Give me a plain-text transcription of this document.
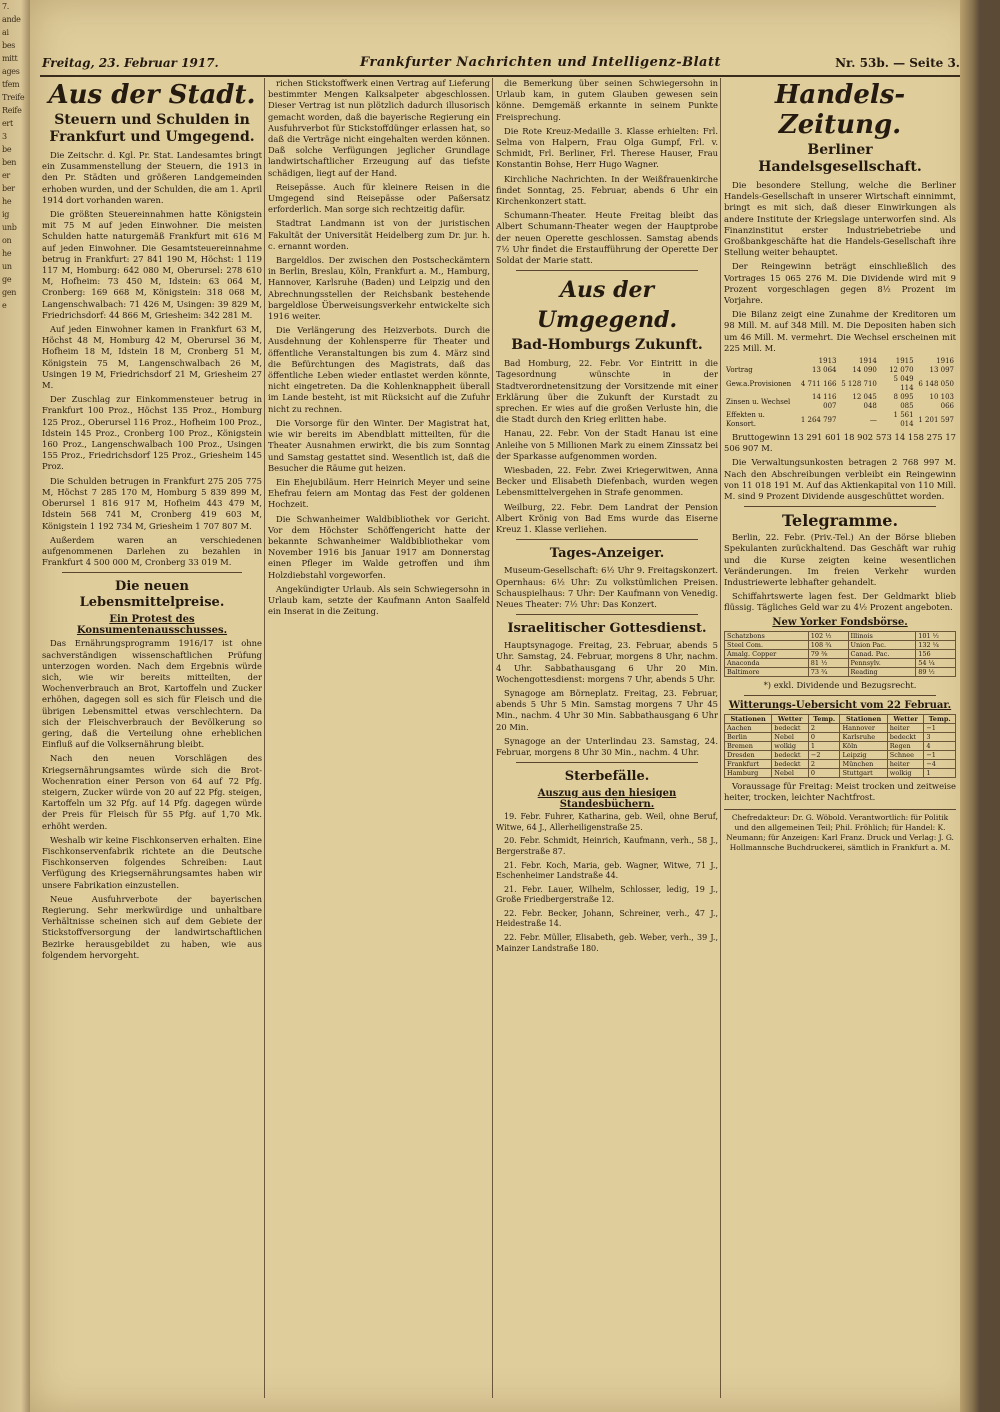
7.
ande
ai
bes
mitt
ages
tfem
Treife
Reife
ert
3
be
ben
er
ber
he
ig
unb
on
he
un
ge
gen
e
Freitag, 23. Februar 1917.	Frankfurter Nachrichten und Intelligenz-Blatt	Nr. 53b. — Seite 3.
Aus der Stadt.
Steuern und Schulden in Frankfurt und Umgegend.

Die Zeitschr. d. Kgl. Pr. Stat. Landesamtes bringt ein Zusammenstellung der Steuern, die 1913 in den Pr. Städten und größeren Landgemeinden erhoben wurden, und der Schulden, die am 1. April 1914 dort vorhanden waren.

Die größten Steuereinnahmen hatte Königstein mit 75 M auf jeden Einwohner. Die meisten Schulden hatte naturgemäß Frankfurt mit 616 M auf jeden Einwohner. Die Gesamtsteuereinnahme betrug in Frankfurt: 27 841 190 M, Höchst: 1 119 117 M, Homburg: 642 080 M, Oberursel: 278 610 M, Hofheim: 73 450 M, Idstein: 63 064 M, Cronberg: 169 668 M, Königstein: 318 068 M, Langenschwalbach: 71 426 M, Usingen: 39 829 M, Friedrichsdorf: 44 866 M, Griesheim: 342 281 M.

Auf jeden Einwohner kamen in Frankfurt 63 M, Höchst 48 M, Homburg 42 M, Oberursel 36 M, Hofheim 18 M, Idstein 18 M, Cronberg 51 M, Königstein 75 M, Langenschwalbach 26 M, Usingen 19 M, Friedrichsdorf 21 M, Griesheim 27 M.

Der Zuschlag zur Einkommensteuer betrug in Frankfurt 100 Proz., Höchst 135 Proz., Homburg 125 Proz., Oberursel 116 Proz., Hofheim 100 Proz., Idstein 145 Proz., Cronberg 100 Proz., Königstein 160 Proz., Langenschwalbach 100 Proz., Usingen 155 Proz., Friedrichsdorf 125 Proz., Griesheim 145 Proz.

Die Schulden betrugen in Frankfurt 275 205 775 M, Höchst 7 285 170 M, Homburg 5 839 899 M, Oberursel 1 816 917 M, Hofheim 443 479 M, Idstein 568 741 M, Cronberg 419 603 M, Königstein 1 192 734 M, Griesheim 1 707 807 M.

Außerdem waren an verschiedenen aufgenommenen Darlehen zu bezahlen in Frankfurt 4 500 000 M, Cronberg 33 019 M.

Die neuen Lebensmittelpreise.
Ein Protest des Konsumentenausschusses.

Das Ernährungsprogramm 1916/17 ist ohne sachverständigen wissenschaftlichen Prüfung unterzogen worden. Nach dem Ergebnis würde sich, wie wir bereits mitteilten, der Wochenverbrauch an Brot, Kartoffeln und Zucker erhöhen, dagegen soll es sich für Fleisch und die übrigen Lebensmittel etwas verschlechtern. Da sich der Fleischverbrauch der Bevölkerung so gering, daß die Verteilung ohne erheblichen Einfluß auf die Volksernährung bleibt.

Nach den neuen Vorschlägen des Kriegsernährungsamtes würde sich die Brot-Wochenration einer Person von 64 auf 72 Pfg. steigern, Zucker würde von 20 auf 22 Pfg. steigen, Kartoffeln um 32 Pfg. auf 14 Pfg. dagegen würde der Preis für Fleisch für 55 Pfg. auf 1,70 Mk. erhöht werden.

Weshalb wir keine Fischkonserven erhalten. Eine Fischkonservenfabrik richtete an die Deutsche Fischkonserven folgendes Schreiben: Laut Verfügung des Kriegsernährungsamtes haben wir unsere Fabrikation einzustellen.

Neue Ausfuhrverbote der bayerischen Regierung. Sehr merkwürdige und unhaltbare Verhältnisse scheinen sich auf dem Gebiete der Stickstoffversorgung der landwirtschaftlichen Bezirke herausgebildet zu haben, wie aus folgendem hervorgeht.

richen Stickstoffwerk einen Vertrag auf Lieferung bestimmter Mengen Kalksalpeter abgeschlossen. Dieser Vertrag ist nun plötzlich dadurch illusorisch gemacht worden, daß die bayerische Regierung ein Ausfuhrverbot für Stickstoffdünger erlassen hat, so daß die Verträge nicht eingehalten werden können. Daß solche Verfügungen jeglicher Grundlage landwirtschaftlicher Erzeugung auf das tiefste schädigen, liegt auf der Hand.

Reisepässe. Auch für kleinere Reisen in die Umgegend sind Reisepässe oder Paßersatz erforderlich. Man sorge sich rechtzeitig dafür.

Stadtrat Landmann ist von der juristischen Fakultät der Universität Heidelberg zum Dr. jur. h. c. ernannt worden.

Bargeldlos. Der zwischen den Postscheckämtern in Berlin, Breslau, Köln, Frankfurt a. M., Hamburg, Hannover, Karlsruhe (Baden) und Leipzig und den Abrechnungsstellen der Reichsbank bestehende bargeldlose Überweisungsverkehr entwickelte sich 1916 weiter.

Die Verlängerung des Heizverbots. Durch die Ausdehnung der Kohlensperre für Theater und öffentliche Veranstaltungen bis zum 4. März sind die Befürchtungen des Magistrats, daß das öffentliche Leben wieder entlastet werden könnte, nicht eingetreten. Da die Kohlenknappheit überall im Lande besteht, ist mit Rücksicht auf die Zufuhr nicht zu rechnen.

Die Vorsorge für den Winter. Der Magistrat hat, wie wir bereits im Abendblatt mitteilten, für die Theater Ausnahmen erwirkt, die bis zum Sonntag und Samstag gestattet sind. Wesentlich ist, daß die Besucher die Räume gut heizen.

Ein Ehejubiläum. Herr Heinrich Meyer und seine Ehefrau feiern am Montag das Fest der goldenen Hochzeit.

Die Schwanheimer Waldbibliothek vor Gericht. Vor dem Höchster Schöffengericht hatte der bekannte Schwanheimer Waldbibliothekar vom November 1916 bis Januar 1917 am Donnerstag einen Pfleger im Walde getroffen und ihm Holzdiebstahl vorgeworfen.

Angekündigter Urlaub. Als sein Schwiegersohn in Urlaub kam, setzte der Kaufmann Anton Saalfeld ein Inserat in die Zeitung.

die Bemerkung über seinen Schwiegersohn in Urlaub kam, in gutem Glauben gewesen sein könne. Demgemäß erkannte in seinem Punkte Freisprechung.

Die Rote Kreuz-Medaille 3. Klasse erhielten: Frl. Selma von Halpern, Frau Olga Gumpf, Frl. v. Schmidt, Frl. Berliner, Frl. Therese Hauser, Frau Konstantin Bohse, Herr Hugo Wagner.

Kirchliche Nachrichten. In der Weißfrauenkirche findet Sonntag, 25. Februar, abends 6 Uhr ein Kirchenkonzert statt.

Schumann-Theater. Heute Freitag bleibt das Albert Schumann-Theater wegen der Hauptprobe der neuen Operette geschlossen. Samstag abends 7½ Uhr findet die Erstaufführung der Operette Der Soldat der Marie statt.

Aus der Umgegend.
Bad-Homburgs Zukunft.

Bad Homburg, 22. Febr. Vor Eintritt in die Tagesordnung wünschte in der Stadtverordnetensitzung der Vorsitzende mit einer Erklärung über die Zukunft der Kurstadt zu sprechen. Er wies auf die großen Verluste hin, die die Stadt durch den Krieg erlitten habe.

Hanau, 22. Febr. Von der Stadt Hanau ist eine Anleihe von 5 Millionen Mark zu einem Zinssatz bei der Sparkasse aufgenommen worden.

Wiesbaden, 22. Febr. Zwei Kriegerwitwen, Anna Becker und Elisabeth Diefenbach, wurden wegen Lebensmittelvergehen in Strafe genommen.

Weilburg, 22. Febr. Dem Landrat der Pension Albert Krönig von Bad Ems wurde das Eiserne Kreuz 1. Klasse verliehen.

Tages-Anzeiger.

Museum-Gesellschaft: 6½ Uhr 9. Freitagskonzert. Opernhaus: 6½ Uhr: Zu volkstümlichen Preisen. Schauspielhaus: 7 Uhr: Der Kaufmann von Venedig. Neues Theater: 7½ Uhr: Das Konzert.

Israelitischer Gottesdienst.

Hauptsynagoge. Freitag, 23. Februar, abends 5 Uhr. Samstag, 24. Februar, morgens 8 Uhr, nachm. 4 Uhr. Sabbathausgang 6 Uhr 20 Min. Wochengottesdienst: morgens 7 Uhr, abends 5 Uhr.

Synagoge am Börneplatz. Freitag, 23. Februar, abends 5 Uhr 5 Min. Samstag morgens 7 Uhr 45 Min., nachm. 4 Uhr 30 Min. Sabbathausgang 6 Uhr 20 Min.

Synagoge an der Unterlindau 23. Samstag, 24. Februar, morgens 8 Uhr 30 Min., nachm. 4 Uhr.

Sterbefälle.
Auszug aus den hiesigen Standesbüchern.

19. Febr. Fuhrer, Katharina, geb. Weil, ohne Beruf, Witwe, 64 J., Allerheiligenstraße 25.

20. Febr. Schmidt, Heinrich, Kaufmann, verh., 58 J., Bergerstraße 87.

21. Febr. Koch, Maria, geb. Wagner, Witwe, 71 J., Eschenheimer Landstraße 44.

21. Febr. Lauer, Wilhelm, Schlosser, ledig, 19 J., Große Friedbergerstraße 12.

22. Febr. Becker, Johann, Schreiner, verh., 47 J., Heidestraße 14.

22. Febr. Müller, Elisabeth, geb. Weber, verh., 39 J., Mainzer Landstraße 180.

Handels-Zeitung.
Berliner Handelsgesellschaft.

Die besondere Stellung, welche die Berliner Handels-Gesellschaft in unserer Wirtschaft einnimmt, bringt es mit sich, daß dieser Einwirkungen als andere Institute der Kriegslage unterworfen sind. Als Finanzinstitut erster Industriebetriebe und Großbankgeschäfte hat die Handels-Gesellschaft ihre Stellung weiter behauptet.

Der Reingewinn beträgt einschließlich des Vortrages 15 065 276 M. Die Dividende wird mit 9 Prozent vorgeschlagen gegen 8½ Prozent im Vorjahre.

Die Bilanz zeigt eine Zunahme der Kreditoren um 98 Mill. M. auf 348 Mill. M. Die Depositen haben sich um 46 Mill. M. vermehrt. Die Wechsel erscheinen mit 225 Mill. M.

	1913	1914	1915	1916
Vortrag	13 064	14 090	12 070	13 097
Gew.a.Provisionen	4 711 166	5 128 710	5 049 114	6 148 050
Zinsen u. Wechsel	14 116 007	12 045 048	8 095 085	10 103 066
Effekten u. Konsort.	1 264 797	—	1 561 014	1 201 597

Bruttogewinn 13 291 601 18 902 573 14 158 275 17 506 907 M.

Die Verwaltungsunkosten betragen 2 768 997 M. Nach den Abschreibungen verbleibt ein Reingewinn von 11 018 191 M. Auf das Aktienkapital von 110 Mill. M. sind 9 Prozent Dividende ausgeschüttet worden.

Telegramme.

Berlin, 22. Febr. (Priv.-Tel.) An der Börse blieben Spekulanten zurückhaltend. Das Geschäft war ruhig und die Kurse zeigten keine wesentlichen Veränderungen. Im freien Verkehr wurden Industriewerte lebhafter gehandelt.

Schiffahrtswerte lagen fest. Der Geldmarkt blieb flüssig. Tägliches Geld war zu 4½ Prozent angeboten.

New Yorker Fondsbörse.
Schatzbons	102 ½	Illinois	101 ½
Steel Com.	108 ¾	Union Pac.	132 ¼
Amalg. Copper	79 ⅜	Canad. Pac.	156
Anaconda	81 ½	Pennsylv.	54 ¼
Baltimore	73 ¾	Reading	89 ½
*) exkl. Dividende und Bezugsrecht.
Witterungs-Uebersicht vom 22 Februar.
Stationen	Wetter	Temp.	Stationen	Wetter	Temp.
Aachen	bedeckt	2	Hannover	heiter	−1
Berlin	Nebel	0	Karlsruhe	bedeckt	3
Bremen	wolkig	1	Köln	Regen	4
Dresden	bedeckt	−2	Leipzig	Schnee	−1
Frankfurt	bedeckt	2	München	heiter	−4
Hamburg	Nebel	0	Stuttgart	wolkig	1

Voraussage für Freitag: Meist trocken und zeitweise heiter, trocken, leichter Nachtfrost.

Chefredakteur: Dr. G. Wöbold. Verantwortlich: für Politik und den allgemeinen Teil; Phil. Fröhlich; für Handel: K. Neumann; für Anzeigen: Karl Franz. Druck und Verlag: J. G. Hollmannsche Buchdruckerei, sämtlich in Frankfurt a. M.
